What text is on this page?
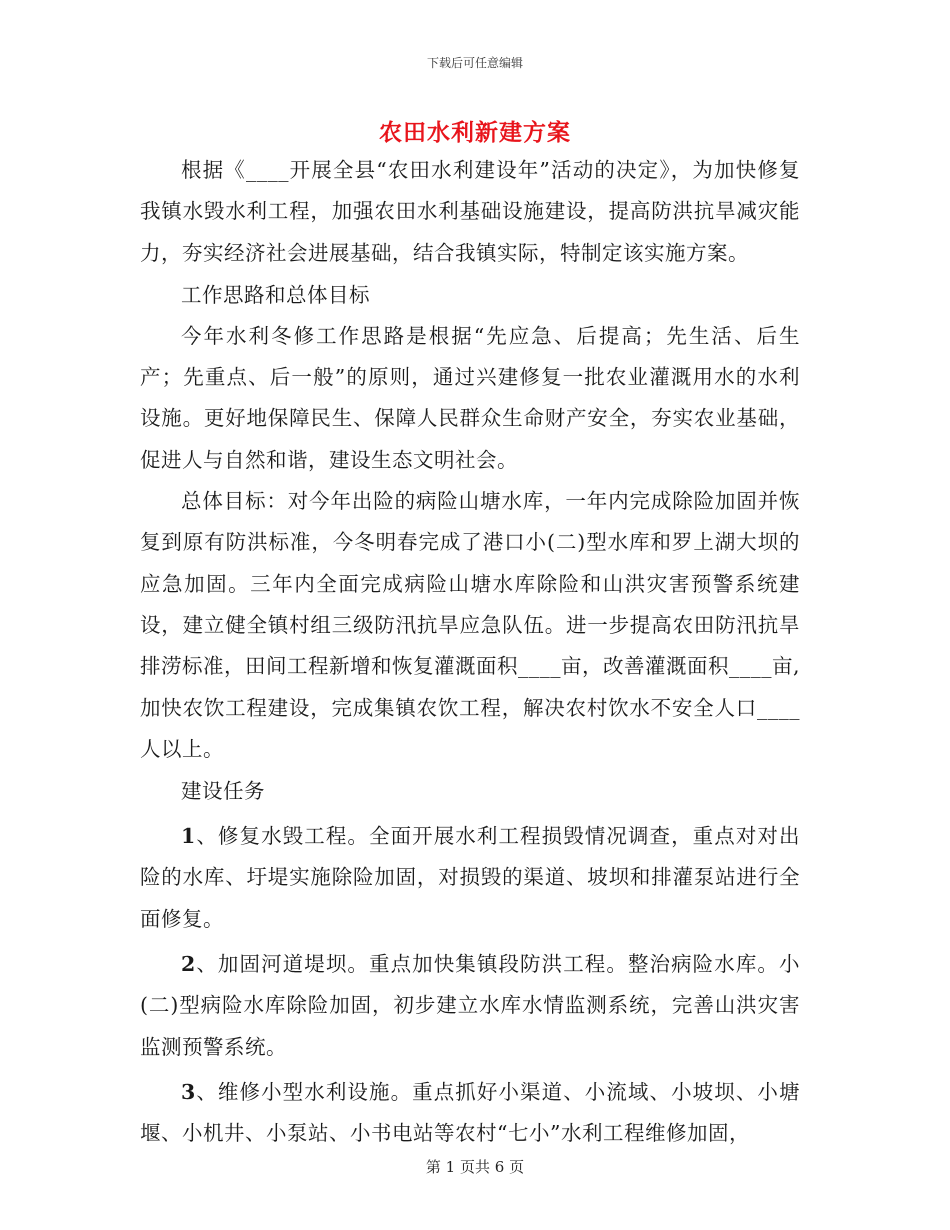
下载后可任意编辑
农田水利新建方案

根据《____开展全县“农田水利建设年”活动的决定》，为加快修复我镇水毁水利工程，加强农田水利基础设施建设，提高防洪抗旱减灾能力，夯实经济社会进展基础，结合我镇实际，特制定该实施方案。

工作思路和总体目标

今年水利冬修工作思路是根据“先应急、后提高；先生活、后生产；先重点、后一般”的原则，通过兴建修复一批农业灌溉用水的水利设施。更好地保障民生、保障人民群众生命财产安全，夯实农业基础，促进人与自然和谐，建设生态文明社会。

总体目标：对今年出险的病险山塘水库，一年内完成除险加固并恢复到原有防洪标准，今冬明春完成了港口小(二)型水库和罗上湖大坝的应急加固。三年内全面完成病险山塘水库除险和山洪灾害预警系统建设，建立健全镇村组三级防汛抗旱应急队伍。进一步提高农田防汛抗旱排涝标准，田间工程新增和恢复灌溉面积____亩，改善灌溉面积____亩,加快农饮工程建设，完成集镇农饮工程，解决农村饮水不安全人口____人以上。

建设任务

1、修复水毁工程。全面开展水利工程损毁情况调查，重点对对出险的水库、圩堤实施除险加固，对损毁的渠道、坡坝和排灌泵站进行全面修复。

2、加固河道堤坝。重点加快集镇段防洪工程。整治病险水库。小(二)型病险水库除险加固，初步建立水库水情监测系统，完善山洪灾害监测预警系统。

3、维修小型水利设施。重点抓好小渠道、小流域、小坡坝、小塘堰、小机井、小泵站、小书电站等农村“七小”水利工程维修加固，

第 1 页共 6 页
